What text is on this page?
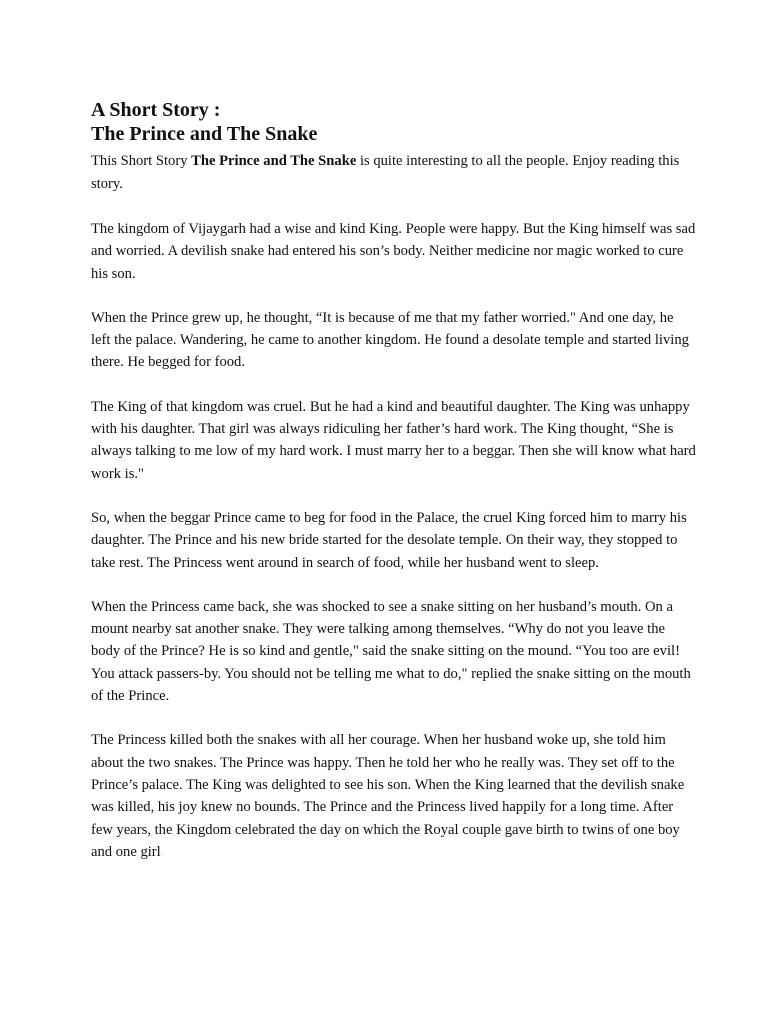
A Short Story :
The Prince and The Snake

This Short Story The Prince and The Snake is quite interesting to all the people. Enjoy reading this story.

The kingdom of Vijaygarh had a wise and kind King. People were happy. But the King himself was sad and worried. A devilish snake had entered his son’s body. Neither medicine nor magic worked to cure his son.

When the Prince grew up, he thought, “It is because of me that my father worried." And one day, he left the palace. Wandering, he came to another kingdom. He found a desolate temple and started living there. He begged for food.

The King of that kingdom was cruel. But he had a kind and beautiful daughter. The King was unhappy with his daughter. That girl was always ridiculing her father’s hard work. The King thought, “She is always talking to me low of my hard work. I must marry her to a beggar. Then she will know what hard work is."

So, when the beggar Prince came to beg for food in the Palace, the cruel King forced him to marry his daughter. The Prince and his new bride started for the desolate temple. On their way, they stopped to take rest. The Princess went around in search of food, while her husband went to sleep.

When the Princess came back, she was shocked to see a snake sitting on her husband’s mouth. On a mount nearby sat another snake. They were talking among themselves. “Why do not you leave the body of the Prince? He is so kind and gentle," said the snake sitting on the mound. “You too are evil! You attack passers-by. You should not be telling me what to do," replied the snake sitting on the mouth of the Prince.

The Princess killed both the snakes with all her courage. When her husband woke up, she told him about the two snakes. The Prince was happy. Then he told her who he really was. They set off to the Prince’s palace. The King was delighted to see his son. When the King learned that the devilish snake was killed, his joy knew no bounds. The Prince and the Princess lived happily for a long time. After few years, the Kingdom celebrated the day on which the Royal couple gave birth to twins of one boy and one girl
